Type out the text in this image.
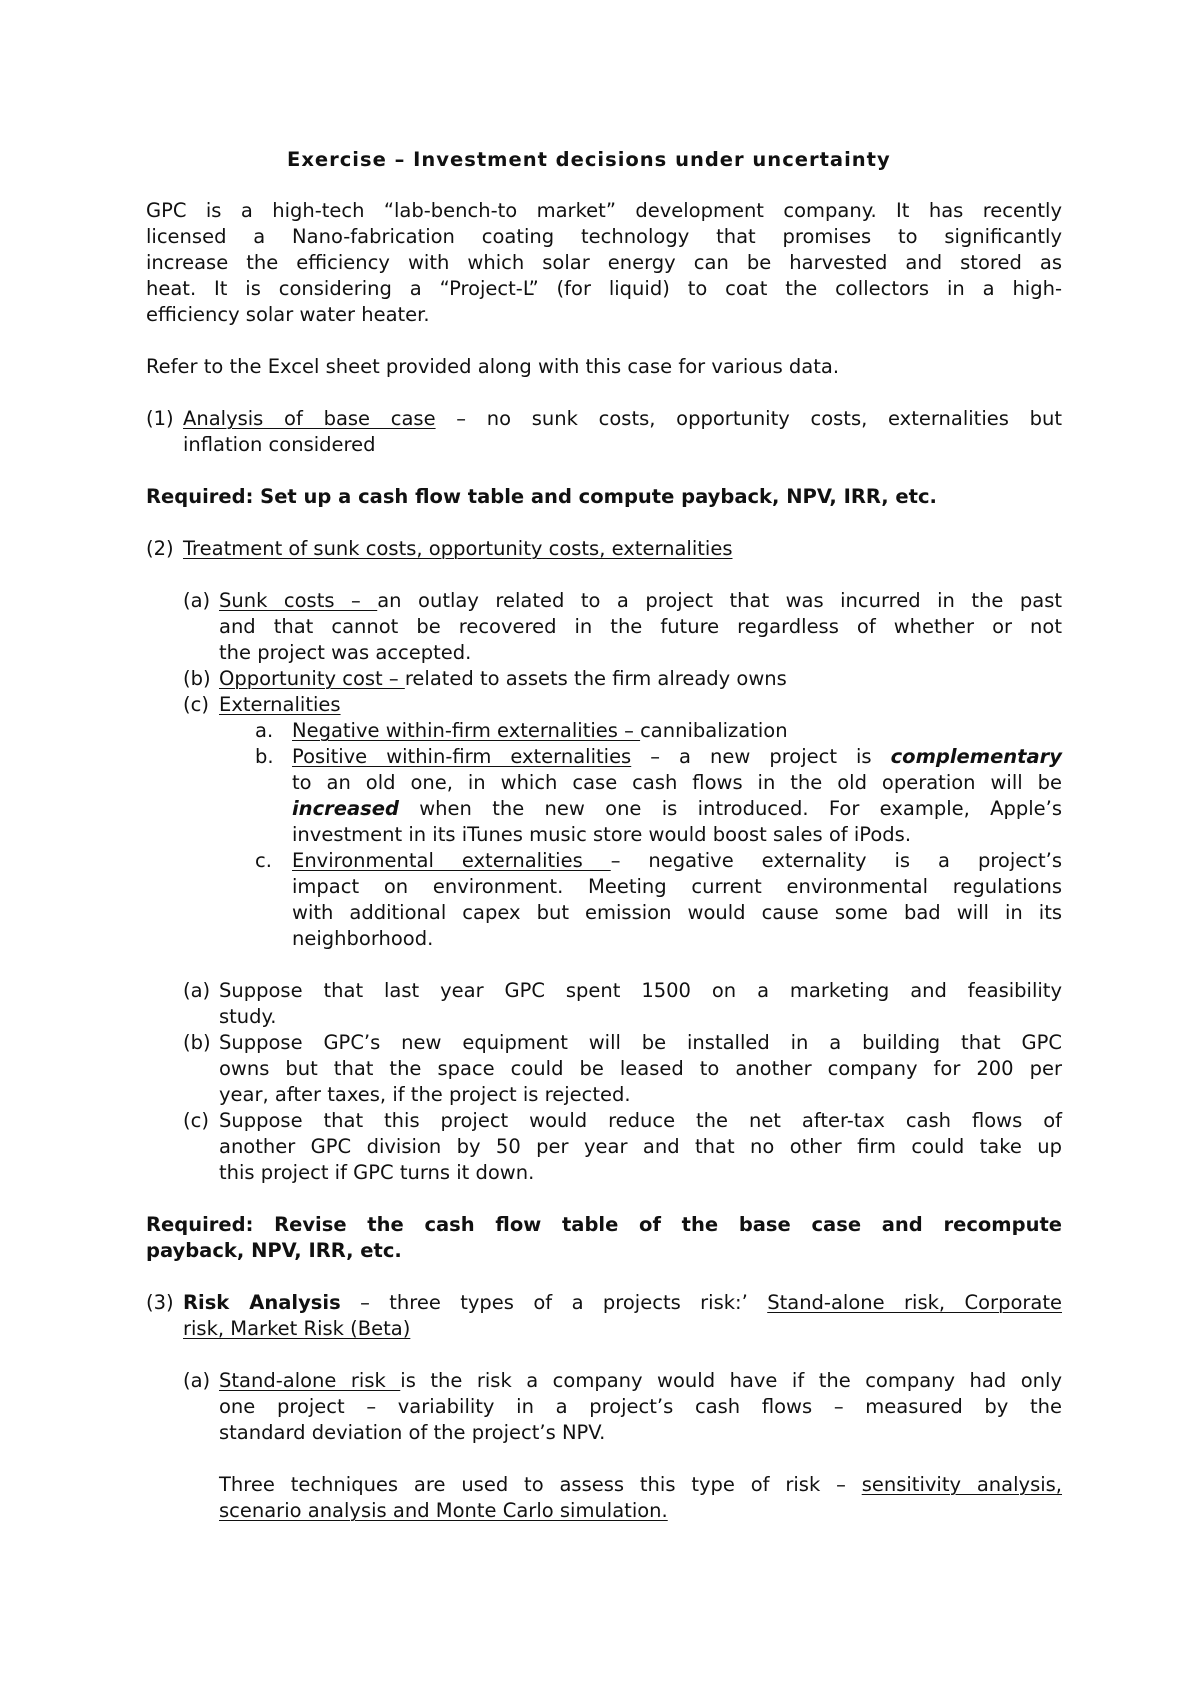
Exercise – Investment decisions under uncertainty
GPC is a high-tech “lab-bench-to market” development company. It has recently
licensed a Nano-fabrication coating technology that promises to significantly
increase the efficiency with which solar energy can be harvested and stored as
heat. It is considering a “Project-L” (for liquid) to coat the collectors in a high-
efficiency solar water heater.
Refer to the Excel sheet provided along with this case for various data.
(1) Analysis of base case – no sunk costs, opportunity costs, externalities but
inflation considered
Required: Set up a cash flow table and compute payback, NPV, IRR, etc.
(2) Treatment of sunk costs, opportunity costs, externalities
(a) Sunk costs – an outlay related to a project that was incurred in the past
and that cannot be recovered in the future regardless of whether or not
the project was accepted.
(b) Opportunity cost – related to assets the firm already owns
(c) Externalities
a. Negative within-firm externalities – cannibalization
b. Positive within-firm externalities – a new project is complementary
to an old one, in which case cash flows in the old operation will be
increased when the new one is introduced. For example, Apple’s
investment in its iTunes music store would boost sales of iPods.
c. Environmental externalities – negative externality is a project’s
impact on environment. Meeting current environmental regulations
with additional capex but emission would cause some bad will in its
neighborhood.
(a) Suppose that last year GPC spent 1500 on a marketing and feasibility
study.
(b) Suppose GPC’s new equipment will be installed in a building that GPC
owns but that the space could be leased to another company for 200 per
year, after taxes, if the project is rejected.
(c) Suppose that this project would reduce the net after-tax cash flows of
another GPC division by 50 per year and that no other firm could take up
this project if GPC turns it down.
Required: Revise the cash flow table of the base case and recompute
payback, NPV, IRR, etc.
(3) Risk Analysis – three types of a projects risk:’ Stand-alone risk, Corporate
risk, Market Risk (Beta)
(a) Stand-alone risk is the risk a company would have if the company had only
one project – variability in a project’s cash flows – measured by the
standard deviation of the project’s NPV.
Three techniques are used to assess this type of risk – sensitivity analysis,
scenario analysis and Monte Carlo simulation.
